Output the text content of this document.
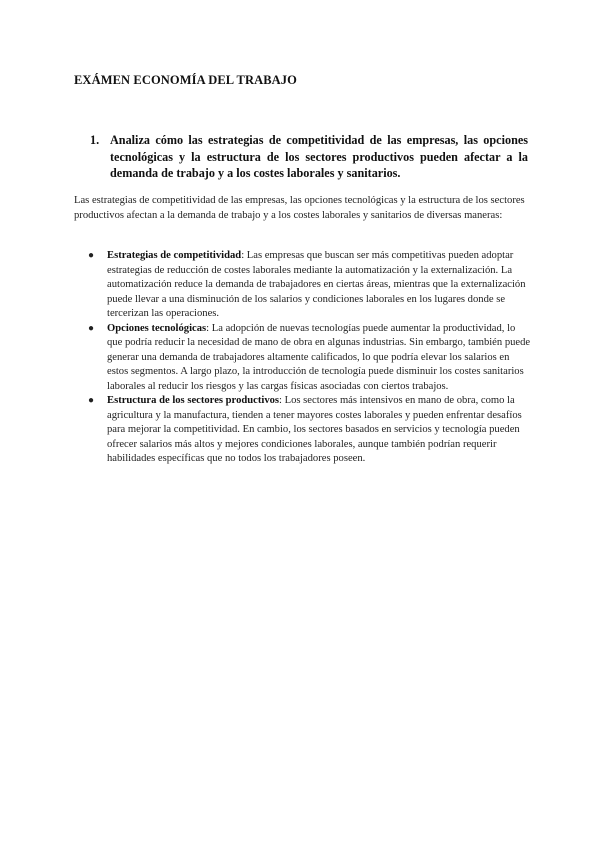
EXÁMEN ECONOMÍA DEL TRABAJO
1. Analiza cómo las estrategias de competitividad de las empresas, las opciones tecnológicas y la estructura de los sectores productivos pueden afectar a la demanda de trabajo y a los costes laborales y sanitarios.
Las estrategias de competitividad de las empresas, las opciones tecnológicas y la estructura de los sectores productivos afectan a la demanda de trabajo y a los costes laborales y sanitarios de diversas maneras:
● Estrategias de competitividad: Las empresas que buscan ser más competitivas pueden adoptar estrategias de reducción de costes laborales mediante la automatización y la externalización. La automatización reduce la demanda de trabajadores en ciertas áreas, mientras que la externalización puede llevar a una disminución de los salarios y condiciones laborales en los lugares donde se tercerizan las operaciones.
● Opciones tecnológicas: La adopción de nuevas tecnologías puede aumentar la productividad, lo que podría reducir la necesidad de mano de obra en algunas industrias. Sin embargo, también puede generar una demanda de trabajadores altamente calificados, lo que podría elevar los salarios en estos segmentos. A largo plazo, la introducción de tecnología puede disminuir los costes sanitarios laborales al reducir los riesgos y las cargas físicas asociadas con ciertos trabajos.
● Estructura de los sectores productivos: Los sectores más intensivos en mano de obra, como la agricultura y la manufactura, tienden a tener mayores costes laborales y pueden enfrentar desafíos para mejorar la competitividad. En cambio, los sectores basados en servicios y tecnología pueden ofrecer salarios más altos y mejores condiciones laborales, aunque también podrían requerir habilidades específicas que no todos los trabajadores poseen.
